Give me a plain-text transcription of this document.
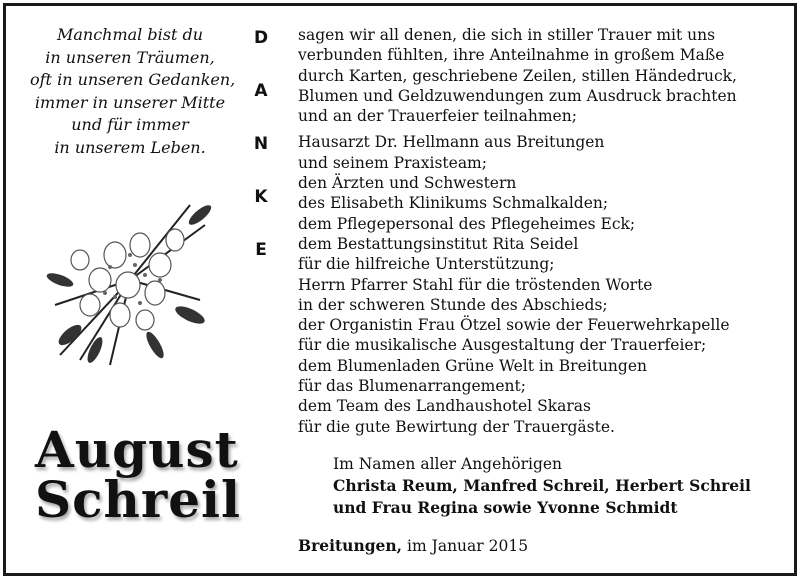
Manchmal bist du
in unseren Träumen,
oft in unseren Gedanken,
immer in unserer Mitte
und für immer
in unserem Leben.
August
Schreil
D
A
N
K
E
sagen wir all denen, die sich in stiller Trauer mit uns
verbunden fühlten, ihre Anteilnahme in großem Maße
durch Karten, geschriebene Zeilen, stillen Händedruck,
Blumen und Geldzuwendungen zum Ausdruck brachten
und an der Trauerfeier teilnahmen;
Hausarzt Dr. Hellmann aus Breitungen
und seinem Praxisteam;
den Ärzten und Schwestern
des Elisabeth Klinikums Schmalkalden;
dem Pflegepersonal des Pflegeheimes Eck;
dem Bestattungsinstitut Rita Seidel
für die hilfreiche Unterstützung;
Herrn Pfarrer Stahl für die tröstenden Worte
in der schweren Stunde des Abschieds;
der Organistin Frau Ötzel sowie der Feuerwehrkapelle
für die musikalische Ausgestaltung der Trauerfeier;
dem Blumenladen Grüne Welt in Breitungen
für das Blumenarrangement;
dem Team des Landhaushotel Skaras
für die gute Bewirtung der Trauergäste.
Im Namen aller Angehörigen
Christa Reum, Manfred Schreil, Herbert Schreil
und Frau Regina sowie Yvonne Schmidt
Breitungen, im Januar 2015
